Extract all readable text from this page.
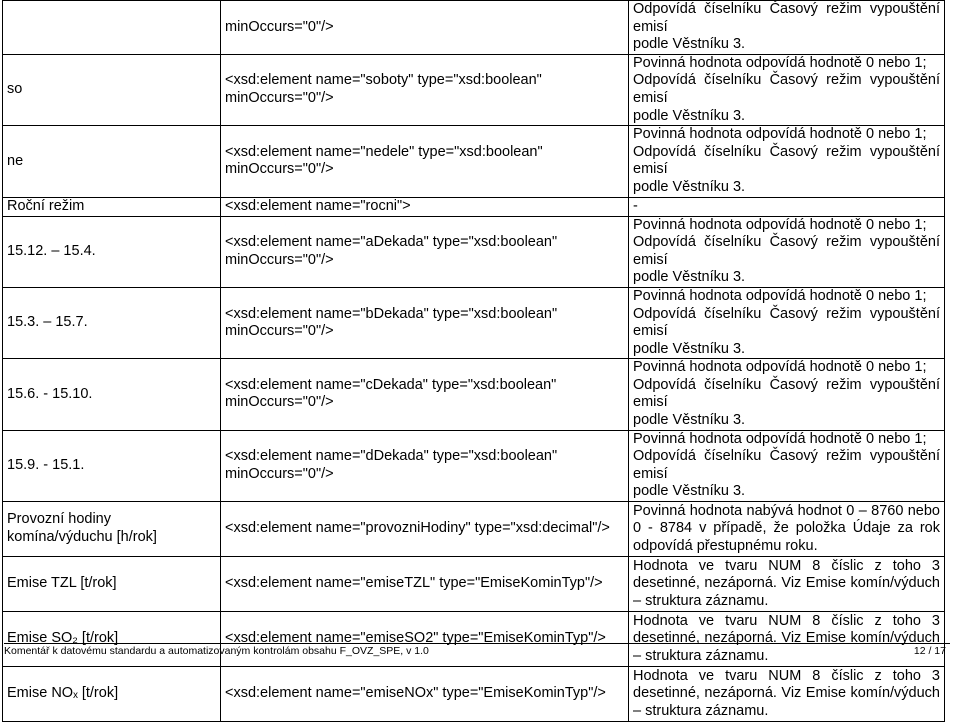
	minOccurs="0"/>	Odpovídá číselníku Časový režim vypouštění emisí
podle Věstníku 3.

so	<xsd:element name="soboty" type="xsd:boolean"
minOccurs="0"/>	Povinná hodnota odpovídá hodnotě 0 nebo 1;
Odpovídá číselníku Časový režim vypouštění emisí
podle Věstníku 3.

ne	<xsd:element name="nedele" type="xsd:boolean"
minOccurs="0"/>	Povinná hodnota odpovídá hodnotě 0 nebo 1;
Odpovídá číselníku Časový režim vypouštění emisí
podle Věstníku 3.

Roční režim	<xsd:element name="rocni">	-

15.12. – 15.4.	<xsd:element name="aDekada" type="xsd:boolean"
minOccurs="0"/>	Povinná hodnota odpovídá hodnotě 0 nebo 1;
Odpovídá číselníku Časový režim vypouštění emisí
podle Věstníku 3.

15.3. – 15.7.	<xsd:element name="bDekada" type="xsd:boolean"
minOccurs="0"/>	Povinná hodnota odpovídá hodnotě 0 nebo 1;
Odpovídá číselníku Časový režim vypouštění emisí
podle Věstníku 3.

15.6. - 15.10.	<xsd:element name="cDekada" type="xsd:boolean"
minOccurs="0"/>	Povinná hodnota odpovídá hodnotě 0 nebo 1;
Odpovídá číselníku Časový režim vypouštění emisí
podle Věstníku 3.

15.9. - 15.1.	<xsd:element name="dDekada" type="xsd:boolean"
minOccurs="0"/>	Povinná hodnota odpovídá hodnotě 0 nebo 1;
Odpovídá číselníku Časový režim vypouštění emisí
podle Věstníku 3.

Provozní hodiny komína/výduchu [h/rok]	<xsd:element name="provozniHodiny" type="xsd:decimal"/>	Povinná hodnota nabývá hodnot 0 – 8760 nebo 0 - 8784 v případě, že položka Údaje za rok odpovídá přestupnému roku.

Emise TZL [t/rok]	<xsd:element name="emiseTZL" type="EmiseKominTyp"/>	Hodnota ve tvaru NUM 8 číslic z toho 3 desetinné, nezáporná. Viz Emise komín/výduch – struktura záznamu.

Emise SO₂ [t/rok]	<xsd:element name="emiseSO2" type="EmiseKominTyp"/>	Hodnota ve tvaru NUM 8 číslic z toho 3 desetinné, nezáporná. Viz Emise komín/výduch – struktura záznamu.

Emise NOₓ [t/rok]	<xsd:element name="emiseNOx" type="EmiseKominTyp"/>	Hodnota ve tvaru NUM 8 číslic z toho 3 desetinné, nezáporná. Viz Emise komín/výduch – struktura záznamu.
Komentář k datovému standardu a automatizovaným kontrolám obsahu F_OVZ_SPE, v 1.0	12 / 17
